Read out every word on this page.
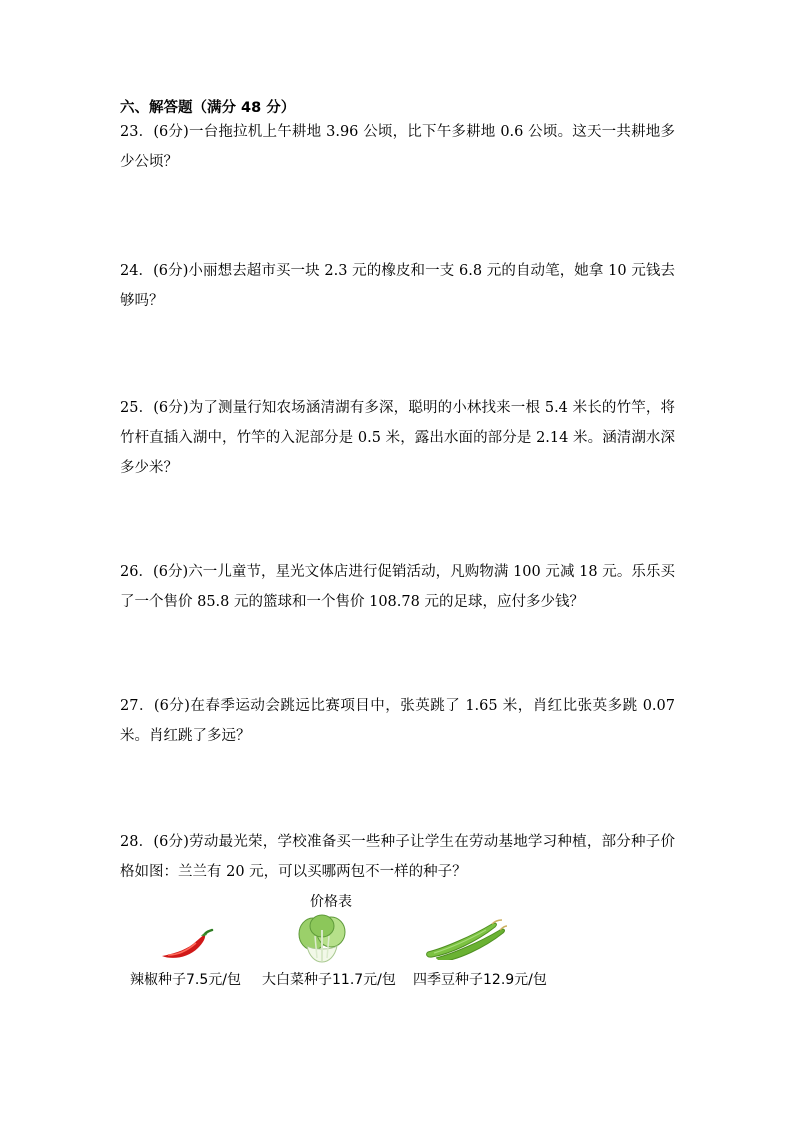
六、解答题（满分 48 分）
23．(6分)一台拖拉机上午耕地 3.96 公顷，比下午多耕地 0.6 公顷。这天一共耕地多少公顷？
24．(6分)小丽想去超市买一块 2.3 元的橡皮和一支 6.8 元的自动笔，她拿 10 元钱去够吗？
25．(6分)为了测量行知农场涵清湖有多深，聪明的小林找来一根 5.4 米长的竹竿，将竹杆直插入湖中，竹竿的入泥部分是 0.5 米，露出水面的部分是 2.14 米。涵清湖水深多少米？
26．(6分)六一儿童节，星光文体店进行促销活动，凡购物满 100 元减 18 元。乐乐买了一个售价 85.8 元的篮球和一个售价 108.78 元的足球，应付多少钱？
27．(6分)在春季运动会跳远比赛项目中，张英跳了 1.65 米，肖红比张英多跳 0.07 米。肖红跳了多远？
28．(6分)劳动最光荣，学校准备买一些种子让学生在劳动基地学习种植，部分种子价格如图：兰兰有 20 元，可以买哪两包不一样的种子？
价格表
辣椒种子7.5元/包 大白菜种子11.7元/包 四季豆种子12.9元/包
